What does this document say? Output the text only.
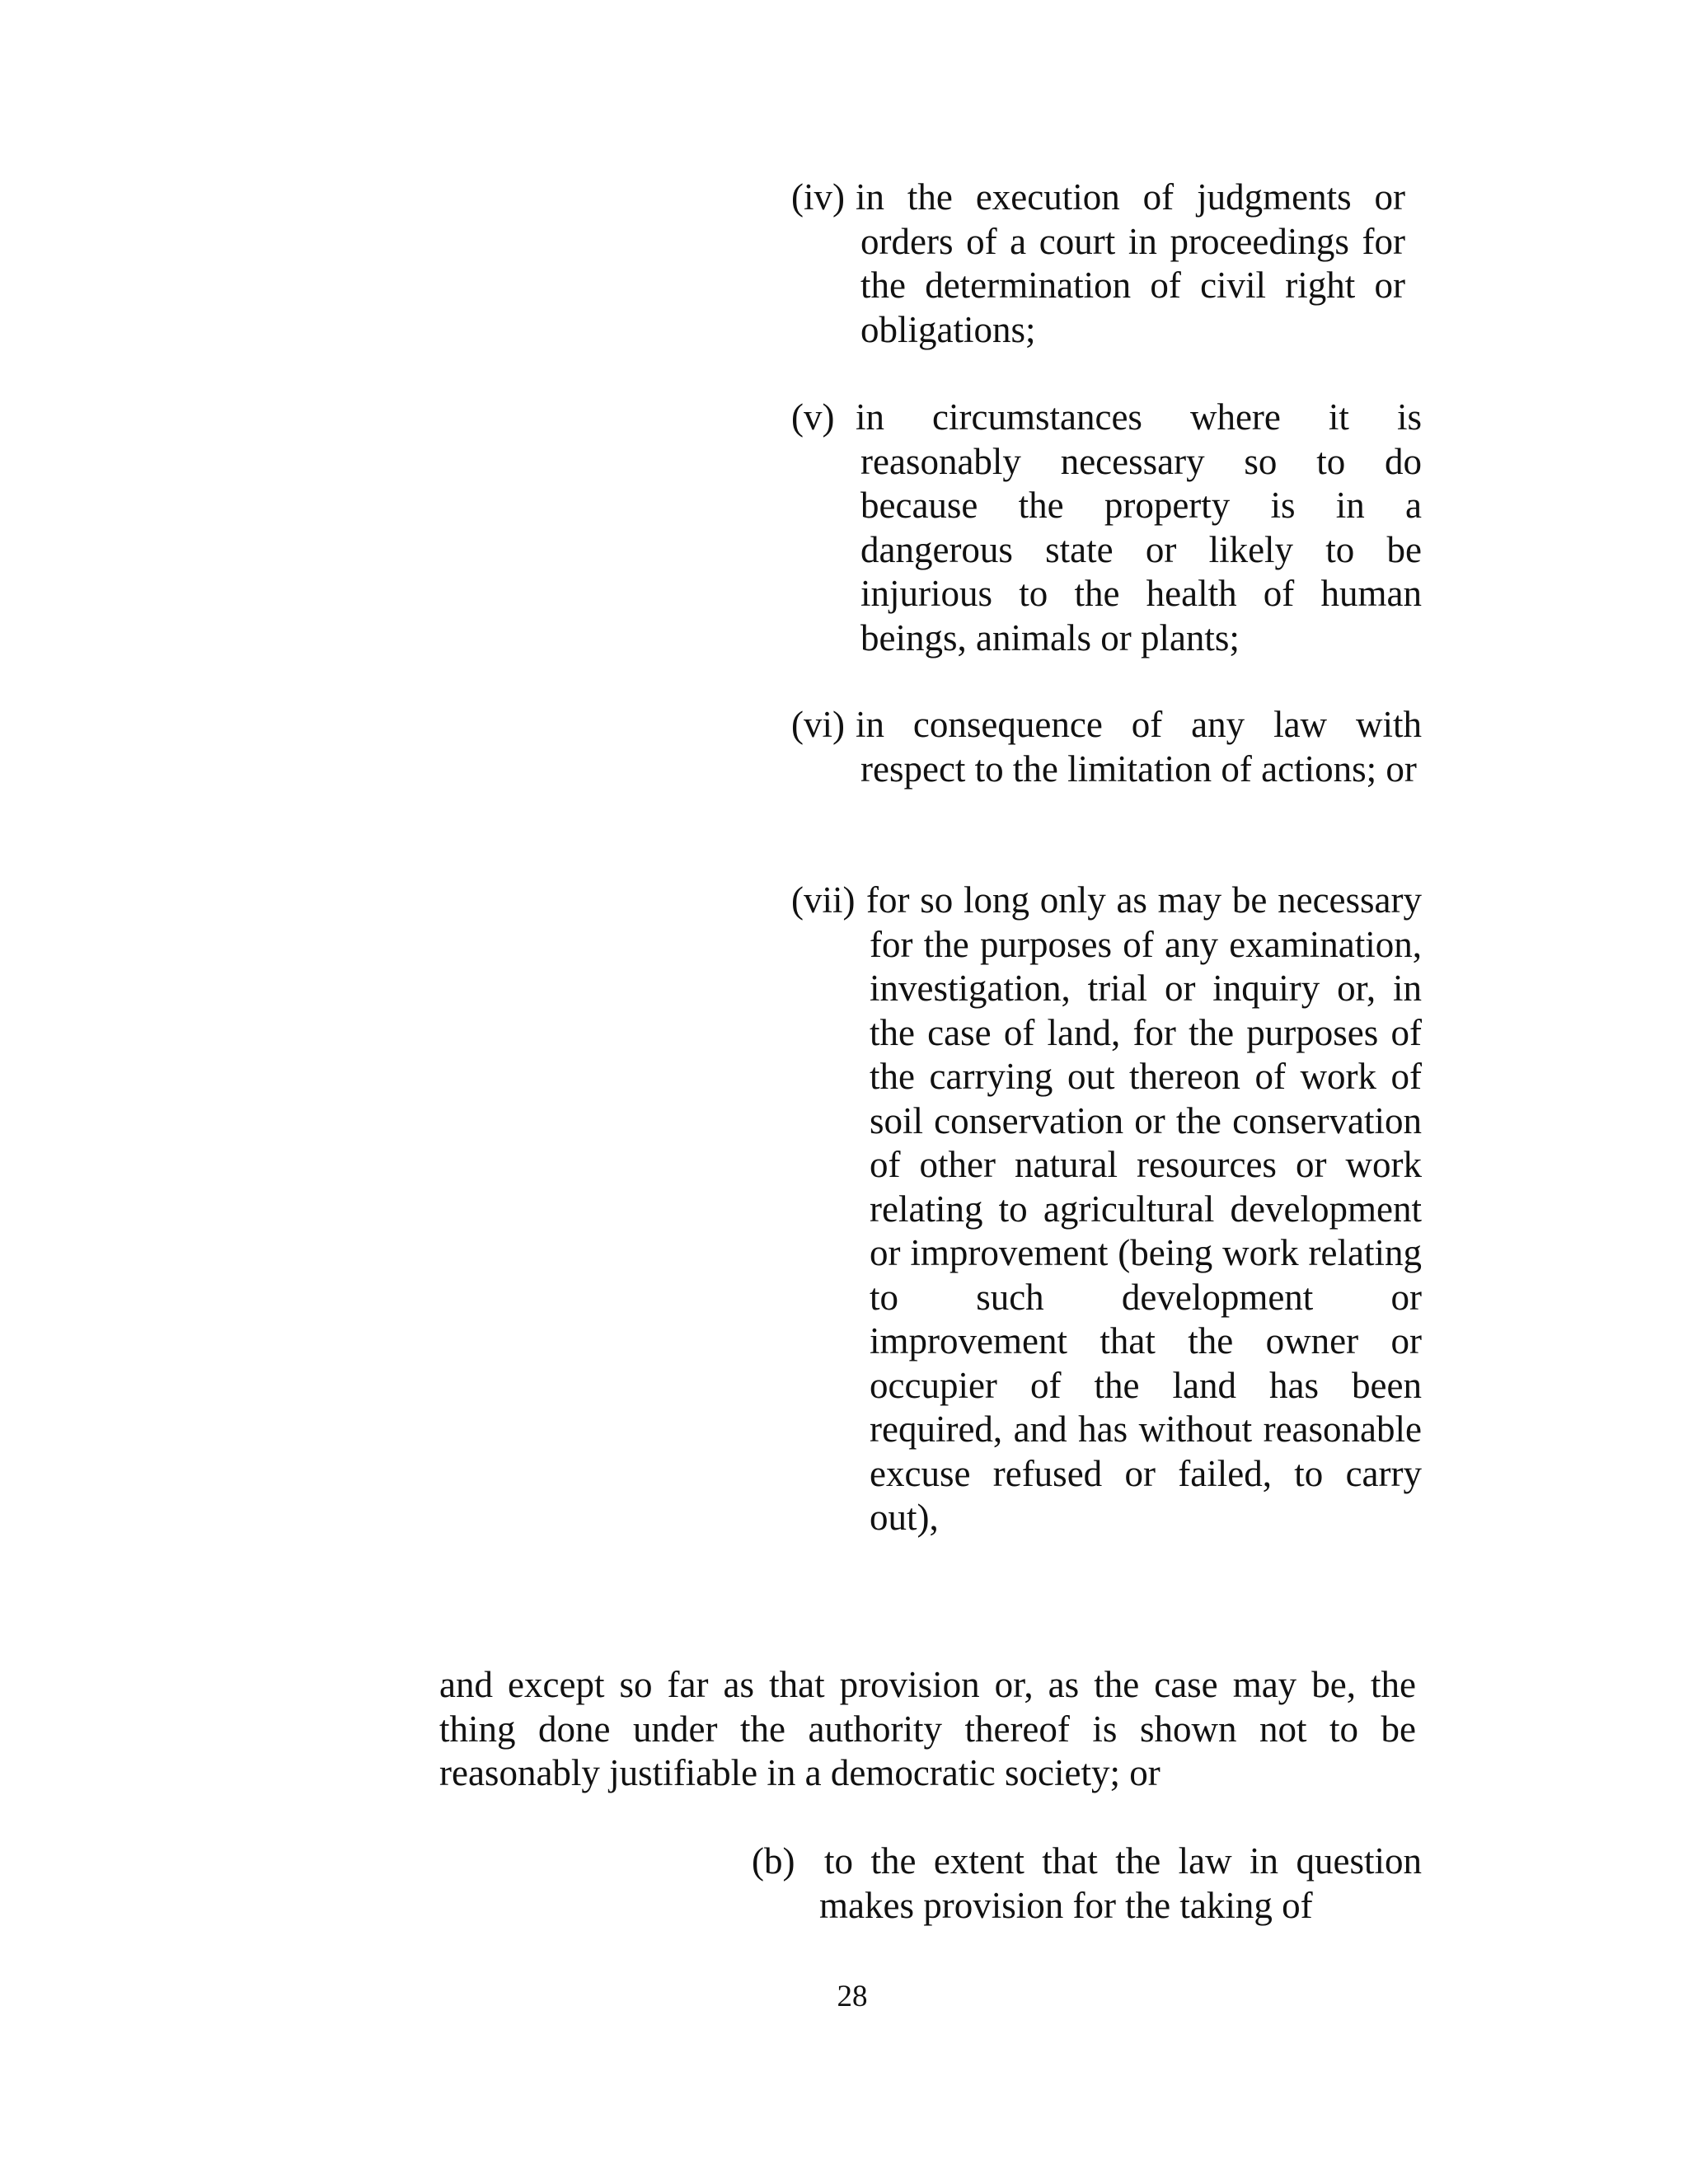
(iv) in the execution of judgments or orders of a court in proceedings for the determination of civil right or obligations;
(v) in circumstances where it is reasonably necessary so to do because the property is in a dangerous state or likely to be injurious to the health of human beings, animals or plants;
(vi) in consequence of any law with respect to the limitation of actions; or
(vii) for so long only as may be necessary for the purposes of any examination, investigation, trial or inquiry or, in the case of land, for the purposes of the carrying out thereon of work of soil conservation or the conservation of other natural resources or work relating to agricultural development or improvement (being work relating to such development or improvement that the owner or occupier of the land has been required, and has without reasonable excuse refused or failed, to carry out),
and except so far as that provision or, as the case may be, the thing done under the authority thereof is shown not to be reasonably justifiable in a democratic society; or
(b) to the extent that the law in question makes provision for the taking of
28
